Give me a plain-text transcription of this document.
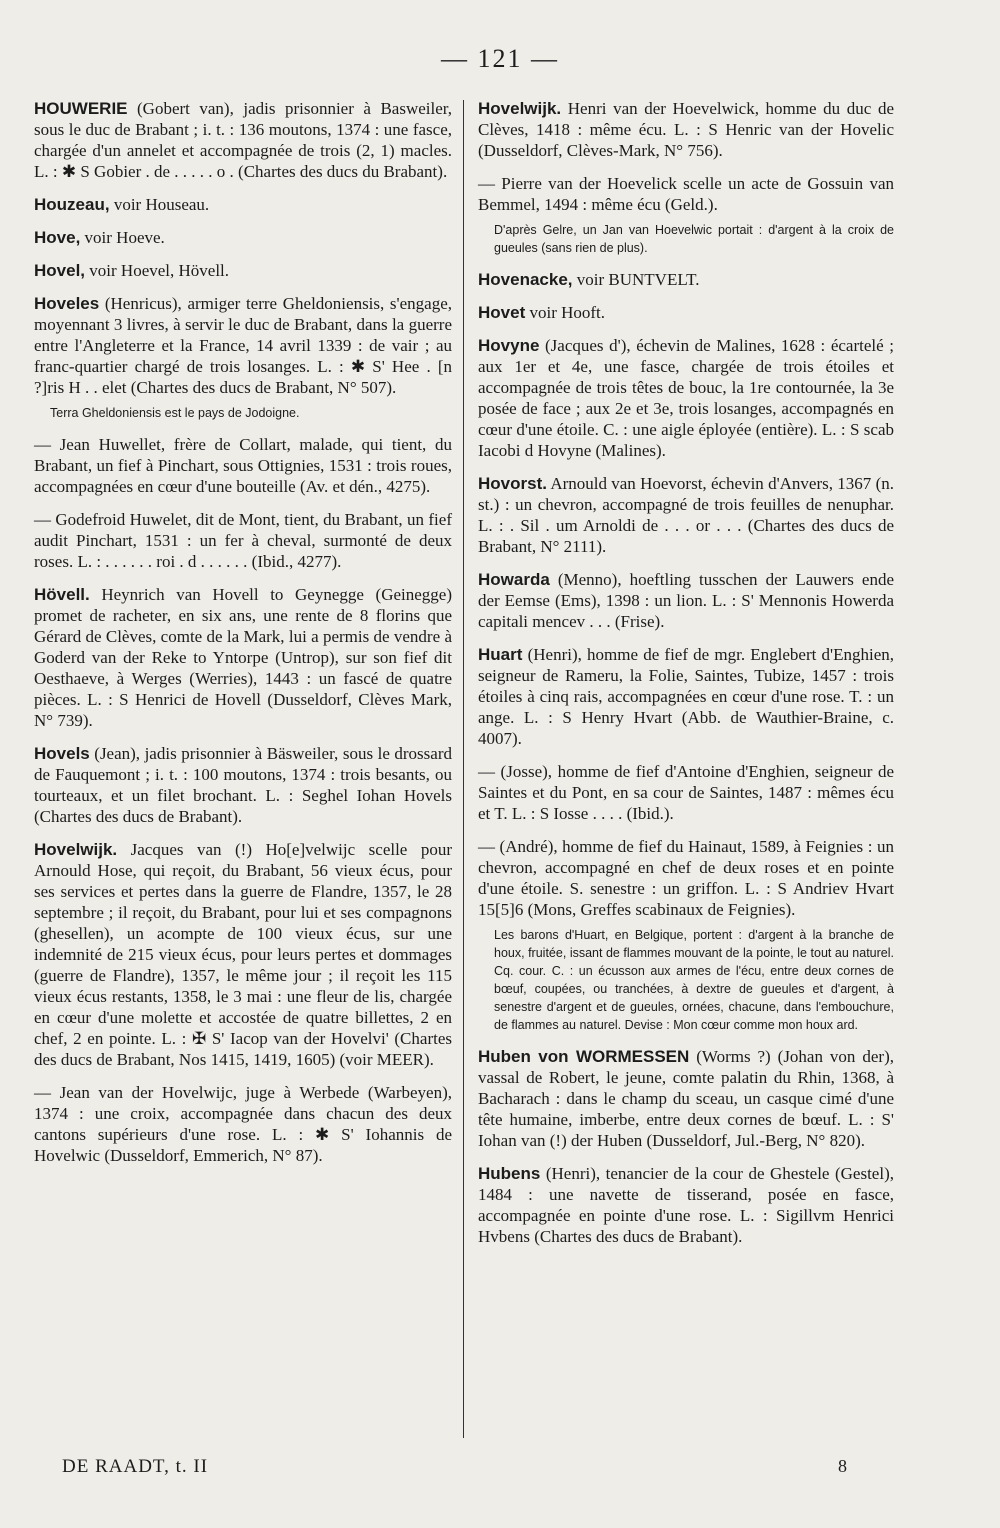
— 121 —

HOUWERIE (Gobert van), jadis prisonnier à Basweiler, sous le duc de Brabant ; i. t. : 136 moutons, 1374 : une fasce, chargée d'un annelet et accompagnée de trois (2, 1) macles. L. : ✱ S Gobier . de . . . . . o . (Chartes des ducs du Brabant).

Houzeau, voir Houseau.

Hove, voir Hoeve.

Hovel, voir Hoevel, Hövell.

Hoveles (Henricus), armiger terre Gheldoniensis, s'engage, moyennant 3 livres, à servir le duc de Brabant, dans la guerre entre l'Angleterre et la France, 14 avril 1339 : de vair ; au franc-quartier chargé de trois losanges. L. : ✱ S' Hee . [n ?]ris H . . elet (Chartes des ducs de Brabant, N° 507).

Terra Gheldoniensis est le pays de Jodoigne.

— Jean Huwellet, frère de Collart, malade, qui tient, du Brabant, un fief à Pinchart, sous Ottignies, 1531 : trois roues, accompagnées en cœur d'une bouteille (Av. et dén., 4275).

— Godefroid Huwelet, dit de Mont, tient, du Brabant, un fief audit Pinchart, 1531 : un fer à cheval, surmonté de deux roses. L. : . . . . . . roi . d . . . . . . (Ibid., 4277).

Hövell. Heynrich van Hovell to Geynegge (Geinegge) promet de racheter, en six ans, une rente de 8 florins que Gérard de Clèves, comte de la Mark, lui a permis de vendre à Goderd van der Reke to Yntorpe (Untrop), sur son fief dit Oesthaeve, à Werges (Werries), 1443 : un fascé de quatre pièces. L. : S Henrici de Hovell (Dusseldorf, Clèves Mark, N° 739).

Hovels (Jean), jadis prisonnier à Bäsweiler, sous le drossard de Fauquemont ; i. t. : 100 moutons, 1374 : trois besants, ou tourteaux, et un filet brochant. L. : Seghel Iohan Hovels (Chartes des ducs de Brabant).

Hovelwijk. Jacques van (!) Ho[e]velwijc scelle pour Arnould Hose, qui reçoit, du Brabant, 56 vieux écus, pour ses services et pertes dans la guerre de Flandre, 1357, le 28 septembre ; il reçoit, du Brabant, pour lui et ses compagnons (ghesellen), un acompte de 100 vieux écus, sur une indemnité de 215 vieux écus, pour leurs pertes et dommages (guerre de Flandre), 1357, le même jour ; il reçoit les 115 vieux écus restants, 1358, le 3 mai : une fleur de lis, chargée en cœur d'une molette et accostée de quatre billettes, 2 en chef, 2 en pointe. L. : ✠ S' Iacop van der Hovelvi' (Chartes des ducs de Brabant, Nos 1415, 1419, 1605) (voir MEER).

— Jean van der Hovelwijc, juge à Werbede (Warbeyen), 1374 : une croix, accompagnée dans chacun des deux cantons supérieurs d'une rose. L. : ✱ S' Iohannis de Hovelwic (Dusseldorf, Emmerich, N° 87).

Hovelwijk. Henri van der Hoevelwick, homme du duc de Clèves, 1418 : même écu. L. : S Henric van der Hovelic (Dusseldorf, Clèves-Mark, N° 756).

— Pierre van der Hoevelick scelle un acte de Gossuin van Bemmel, 1494 : même écu (Geld.).

D'après Gelre, un Jan van Hoevelwic portait : d'argent à la croix de gueules (sans rien de plus).

Hovenacke, voir BUNTVELT.

Hovet voir Hooft.

Hovyne (Jacques d'), échevin de Malines, 1628 : écartelé ; aux 1er et 4e, une fasce, chargée de trois étoiles et accompagnée de trois têtes de bouc, la 1re contournée, la 3e posée de face ; aux 2e et 3e, trois losanges, accompagnés en cœur d'une étoile. C. : une aigle éployée (entière). L. : S scab Iacobi d Hovyne (Malines).

Hovorst. Arnould van Hoevorst, échevin d'Anvers, 1367 (n. st.) : un chevron, accompagné de trois feuilles de nenuphar. L. : . Sil . um Arnoldi de . . . or . . . (Chartes des ducs de Brabant, N° 2111).

Howarda (Menno), hoeftling tusschen der Lauwers ende der Eemse (Ems), 1398 : un lion. L. : S' Mennonis Howerda capitali mencev . . . (Frise).

Huart (Henri), homme de fief de mgr. Englebert d'Enghien, seigneur de Rameru, la Folie, Saintes, Tubize, 1457 : trois étoiles à cinq rais, accompagnées en cœur d'une rose. T. : un ange. L. : S Henry Hvart (Abb. de Wauthier-Braine, c. 4007).

— (Josse), homme de fief d'Antoine d'Enghien, seigneur de Saintes et du Pont, en sa cour de Saintes, 1487 : mêmes écu et T. L. : S Iosse . . . . (Ibid.).

— (André), homme de fief du Hainaut, 1589, à Feignies : un chevron, accompagné en chef de deux roses et en pointe d'une étoile. S. senestre : un griffon. L. : S Andriev Hvart 15[5]6 (Mons, Greffes scabinaux de Feignies).

Les barons d'Huart, en Belgique, portent : d'argent à la branche de houx, fruitée, issant de flammes mouvant de la pointe, le tout au naturel. Cq. cour. C. : un écusson aux armes de l'écu, entre deux cornes de bœuf, coupées, ou tranchées, à dextre de gueules et d'argent, à senestre d'argent et de gueules, ornées, chacune, dans l'embouchure, de flammes au naturel. Devise : Mon cœur comme mon houx ard.

Huben von WORMESSEN (Worms ?) (Johan von der), vassal de Robert, le jeune, comte palatin du Rhin, 1368, à Bacharach : dans le champ du sceau, un casque cimé d'une tête humaine, imberbe, entre deux cornes de bœuf. L. : S' Iohan van (!) der Huben (Dusseldorf, Jul.-Berg, N° 820).

Hubens (Henri), tenancier de la cour de Ghestele (Gestel), 1484 : une navette de tisserand, posée en fasce, accompagnée en pointe d'une rose. L. : Sigillvm Henrici Hvbens (Chartes des ducs de Brabant).

DE RAADT, t. II	8
